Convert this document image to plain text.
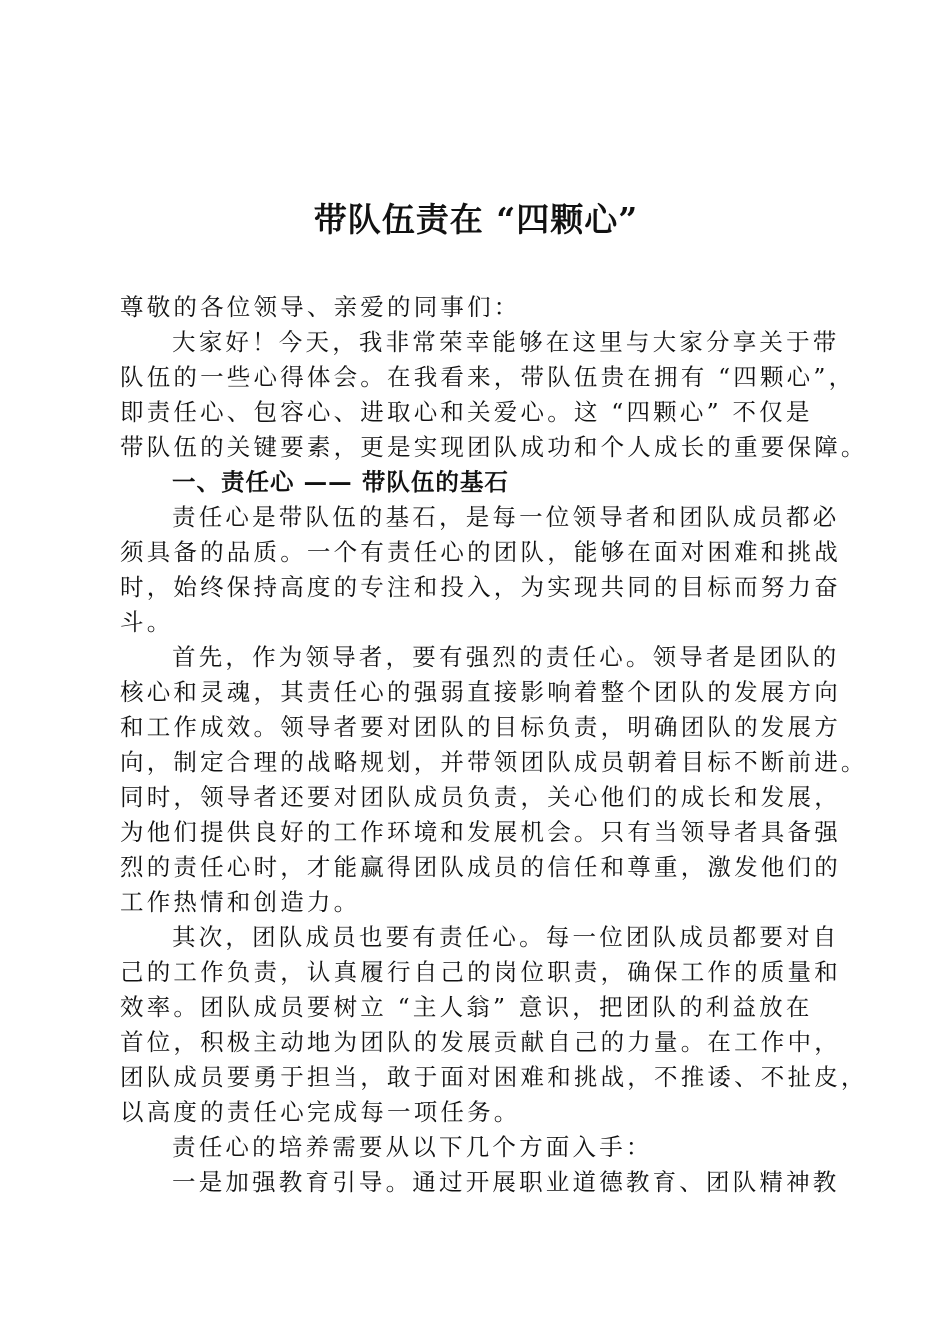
带队伍责在 “四颗心”

尊敬的各位领导、亲爱的同事们：

大家好！今天，我非常荣幸能够在这里与大家分享关于带

队伍的一些心得体会。在我看来，带队伍贵在拥有 “四颗心”，

即责任心、包容心、进取心和关爱心。这 “四颗心” 不仅是

带队伍的关键要素，更是实现团队成功和个人成长的重要保障。

一、责任心 —— 带队伍的基石

责任心是带队伍的基石，是每一位领导者和团队成员都必

须具备的品质。一个有责任心的团队，能够在面对困难和挑战

时，始终保持高度的专注和投入，为实现共同的目标而努力奋

斗。

首先，作为领导者，要有强烈的责任心。领导者是团队的

核心和灵魂，其责任心的强弱直接影响着整个团队的发展方向

和工作成效。领导者要对团队的目标负责，明确团队的发展方

向，制定合理的战略规划，并带领团队成员朝着目标不断前进。

同时，领导者还要对团队成员负责，关心他们的成长和发展，

为他们提供良好的工作环境和发展机会。只有当领导者具备强

烈的责任心时，才能赢得团队成员的信任和尊重，激发他们的

工作热情和创造力。

其次，团队成员也要有责任心。每一位团队成员都要对自

己的工作负责，认真履行自己的岗位职责，确保工作的质量和

效率。团队成员要树立 “主人翁” 意识，把团队的利益放在

首位，积极主动地为团队的发展贡献自己的力量。在工作中，

团队成员要勇于担当，敢于面对困难和挑战，不推诿、不扯皮，

以高度的责任心完成每一项任务。

责任心的培养需要从以下几个方面入手：

一是加强教育引导。通过开展职业道德教育、团队精神教
